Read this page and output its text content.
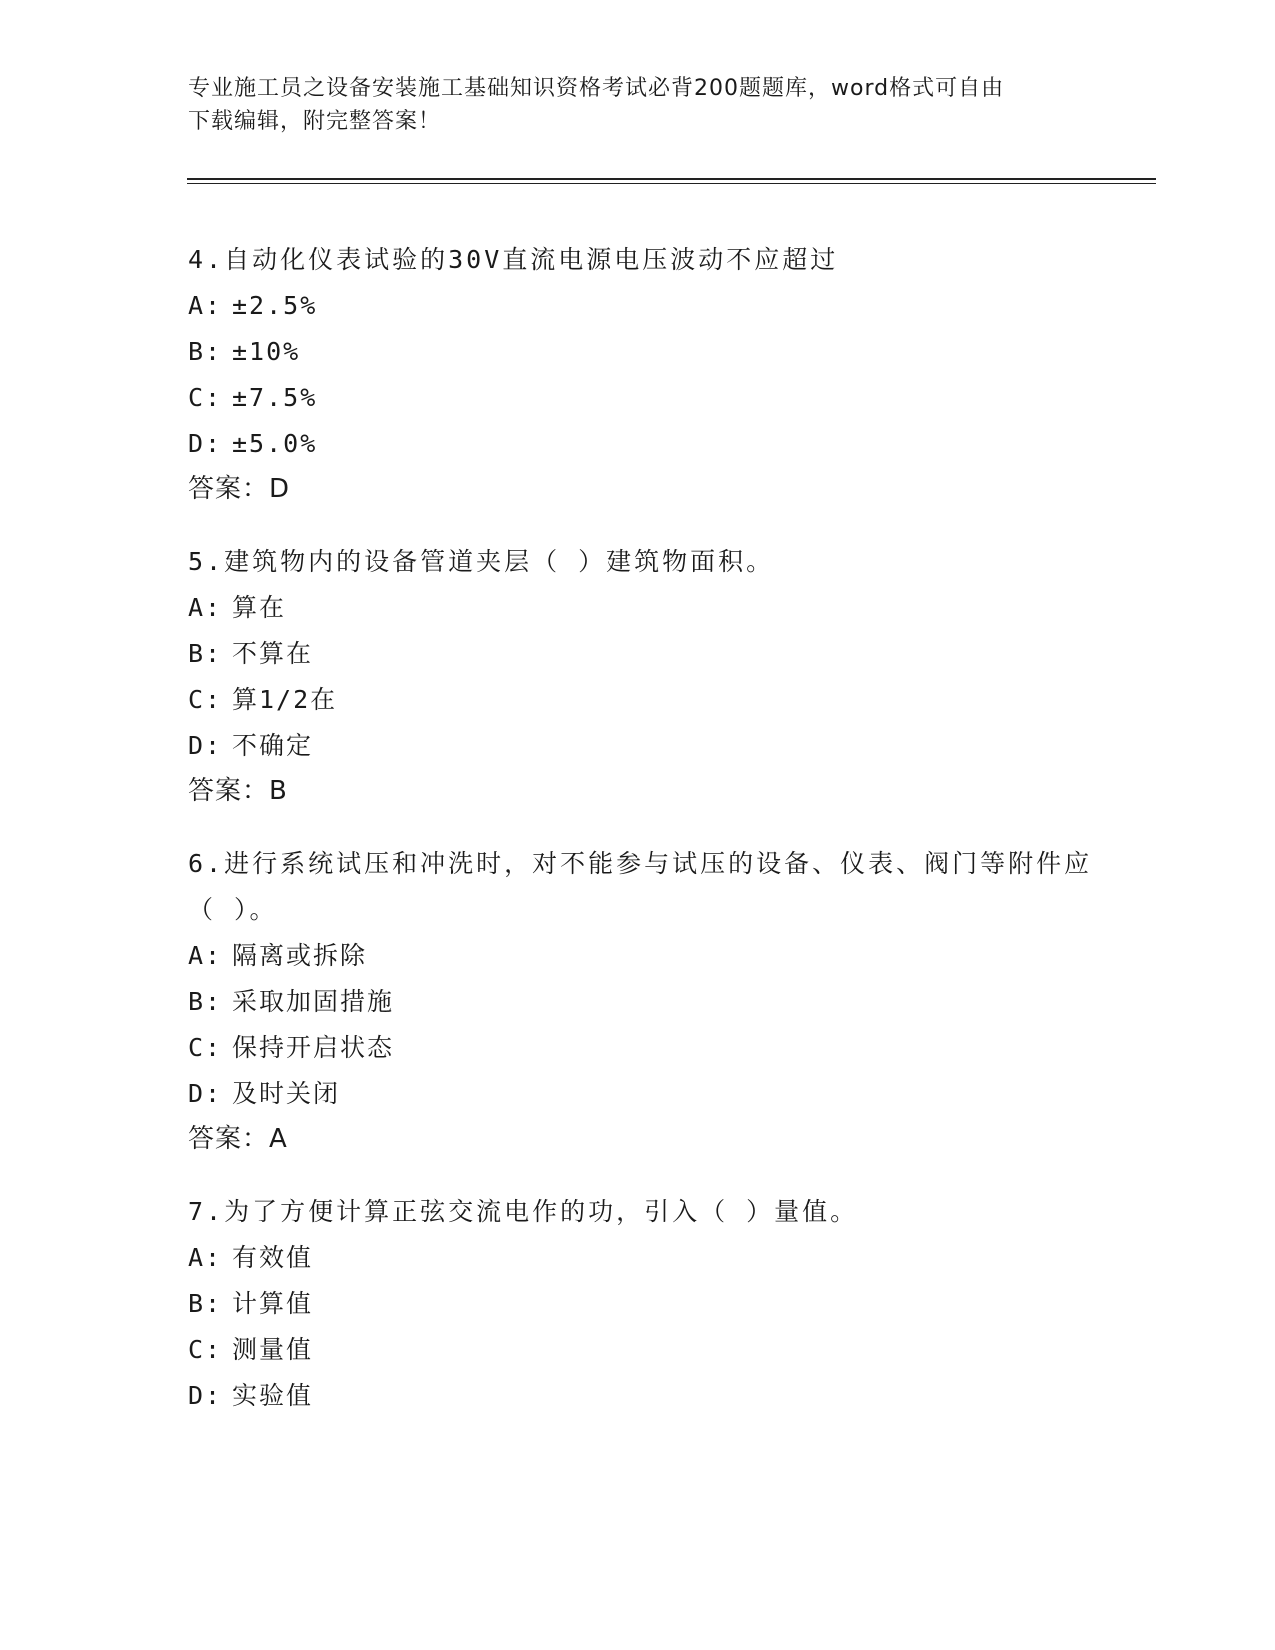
专业施工员之设备安装施工基础知识资格考试必背200题题库，word格式可自由
下载编辑，附完整答案！
4.自动化仪表试验的30V直流电源电压波动不应超过
A: ±2.5%
B: ±10%
C: ±7.5%
D: ±5.0%
答案：D
5.建筑物内的设备管道夹层（ ）建筑物面积。
A: 算在
B: 不算在
C: 算1/2在
D: 不确定
答案：B
6.进行系统试压和冲洗时，对不能参与试压的设备、仪表、阀门等附件应（ ）。
A: 隔离或拆除
B: 采取加固措施
C: 保持开启状态
D: 及时关闭
答案：A
7.为了方便计算正弦交流电作的功，引入（ ）量值。
A: 有效值
B: 计算值
C: 测量值
D: 实验值
